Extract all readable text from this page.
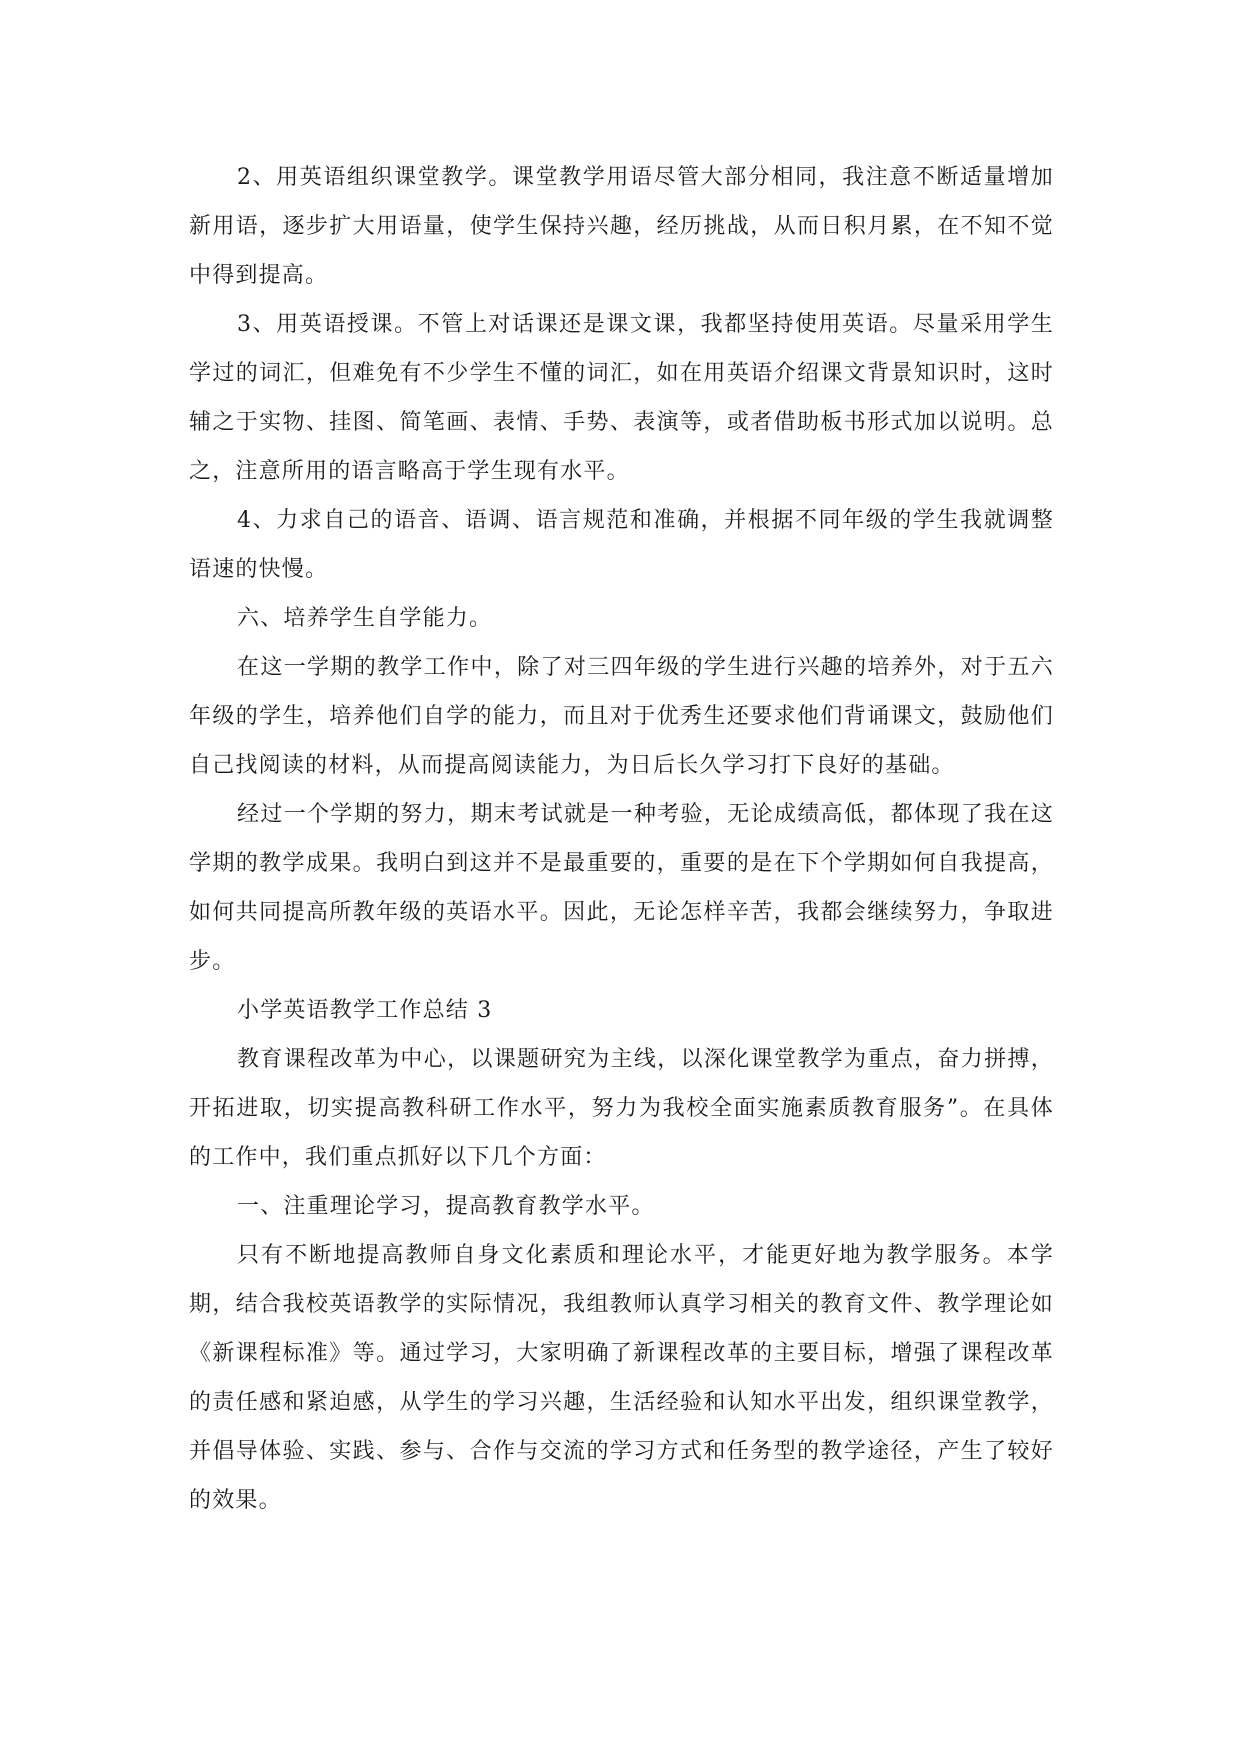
2、用英语组织课堂教学。课堂教学用语尽管大部分相同，我注意不断适量增加新用语，逐步扩大用语量，使学生保持兴趣，经历挑战，从而日积月累，在不知不觉中得到提高。

3、用英语授课。不管上对话课还是课文课，我都坚持使用英语。尽量采用学生学过的词汇，但难免有不少学生不懂的词汇，如在用英语介绍课文背景知识时，这时辅之于实物、挂图、简笔画、表情、手势、表演等，或者借助板书形式加以说明。总之，注意所用的语言略高于学生现有水平。

4、力求自己的语音、语调、语言规范和准确，并根据不同年级的学生我就调整语速的快慢。

六、培养学生自学能力。

在这一学期的教学工作中，除了对三四年级的学生进行兴趣的培养外，对于五六年级的学生，培养他们自学的能力，而且对于优秀生还要求他们背诵课文，鼓励他们自己找阅读的材料，从而提高阅读能力，为日后长久学习打下良好的基础。

经过一个学期的努力，期末考试就是一种考验，无论成绩高低，都体现了我在这学期的教学成果。我明白到这并不是最重要的，重要的是在下个学期如何自我提高，如何共同提高所教年级的英语水平。因此，无论怎样辛苦，我都会继续努力，争取进步。

小学英语教学工作总结 3

教育课程改革为中心，以课题研究为主线，以深化课堂教学为重点，奋力拼搏，开拓进取，切实提高教科研工作水平，努力为我校全面实施素质教育服务”。在具体的工作中，我们重点抓好以下几个方面：

一、注重理论学习，提高教育教学水平。

只有不断地提高教师自身文化素质和理论水平，才能更好地为教学服务。本学期，结合我校英语教学的实际情况，我组教师认真学习相关的教育文件、教学理论如《新课程标准》等。通过学习，大家明确了新课程改革的主要目标，增强了课程改革的责任感和紧迫感，从学生的学习兴趣，生活经验和认知水平出发，组织课堂教学，并倡导体验、实践、参与、合作与交流的学习方式和任务型的教学途径，产生了较好的效果。
